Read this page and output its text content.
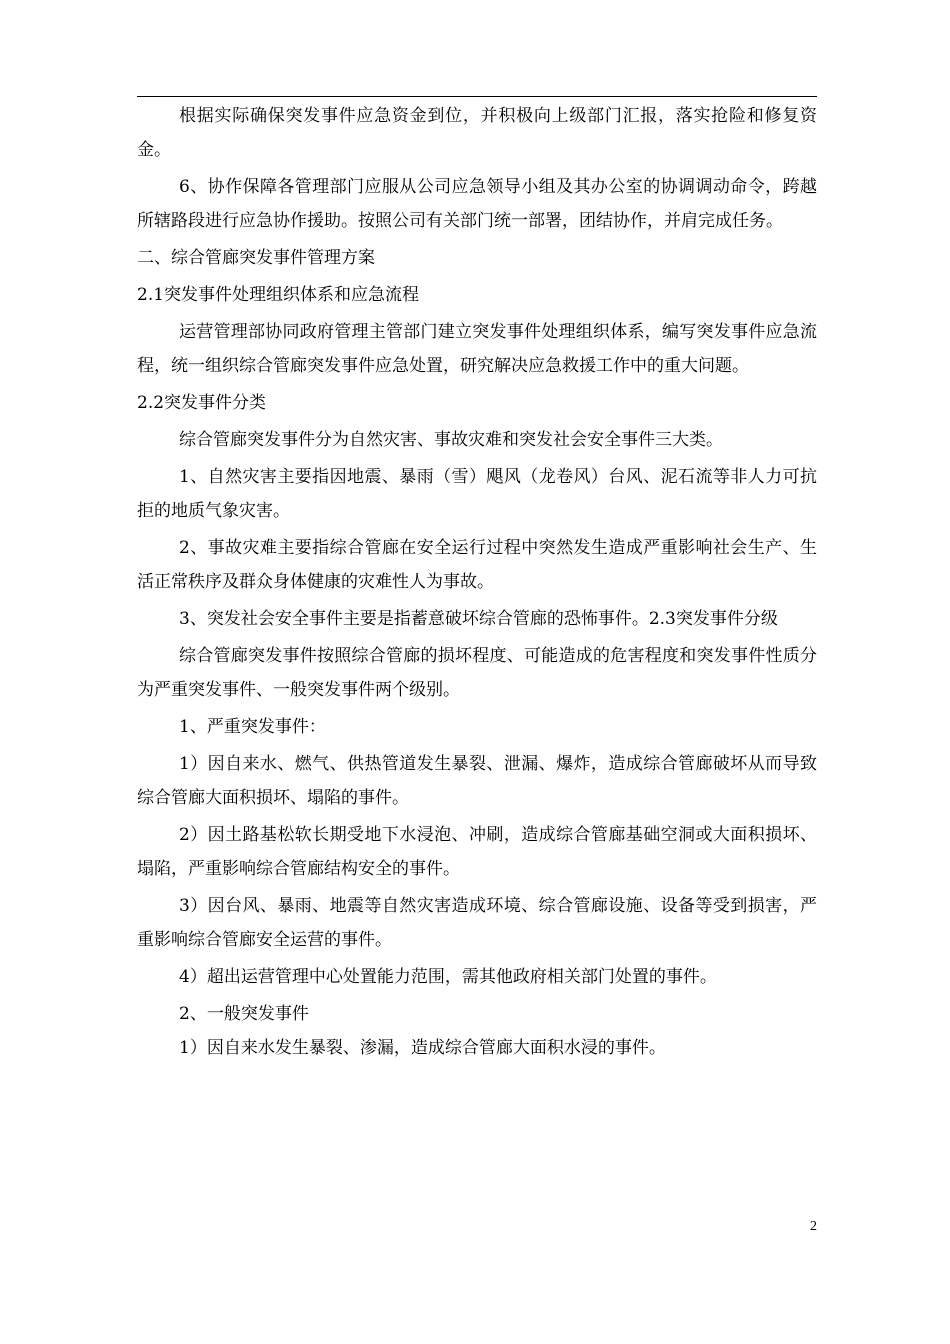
根据实际确保突发事件应急资金到位，并积极向上级部门汇报，落实抢险和修复资金。

6、协作保障各管理部门应服从公司应急领导小组及其办公室的协调调动命令，跨越所辖路段进行应急协作援助。按照公司有关部门统一部署，团结协作，并肩完成任务。

二、综合管廊突发事件管理方案

2.1突发事件处理组织体系和应急流程

运营管理部协同政府管理主管部门建立突发事件处理组织体系，编写突发事件应急流程，统一组织综合管廊突发事件应急处置，研究解决应急救援工作中的重大问题。

2.2突发事件分类

综合管廊突发事件分为自然灾害、事故灾难和突发社会安全事件三大类。

1、自然灾害主要指因地震、暴雨（雪）飓风（龙卷风）台风、泥石流等非人力可抗拒的地质气象灾害。

2、事故灾难主要指综合管廊在安全运行过程中突然发生造成严重影响社会生产、生活正常秩序及群众身体健康的灾难性人为事故。

3、突发社会安全事件主要是指蓄意破坏综合管廊的恐怖事件。2.3突发事件分级

综合管廊突发事件按照综合管廊的损坏程度、可能造成的危害程度和突发事件性质分为严重突发事件、一般突发事件两个级别。

1、严重突发事件：

1）因自来水、燃气、供热管道发生暴裂、泄漏、爆炸，造成综合管廊破坏从而导致综合管廊大面积损坏、塌陷的事件。

2）因土路基松软长期受地下水浸泡、冲刷，造成综合管廊基础空洞或大面积损坏、塌陷，严重影响综合管廊结构安全的事件。

3）因台风、暴雨、地震等自然灾害造成环境、综合管廊设施、设备等受到损害，严重影响综合管廊安全运营的事件。

4）超出运营管理中心处置能力范围，需其他政府相关部门处置的事件。

2、一般突发事件

1）因自来水发生暴裂、渗漏，造成综合管廊大面积水浸的事件。

2
